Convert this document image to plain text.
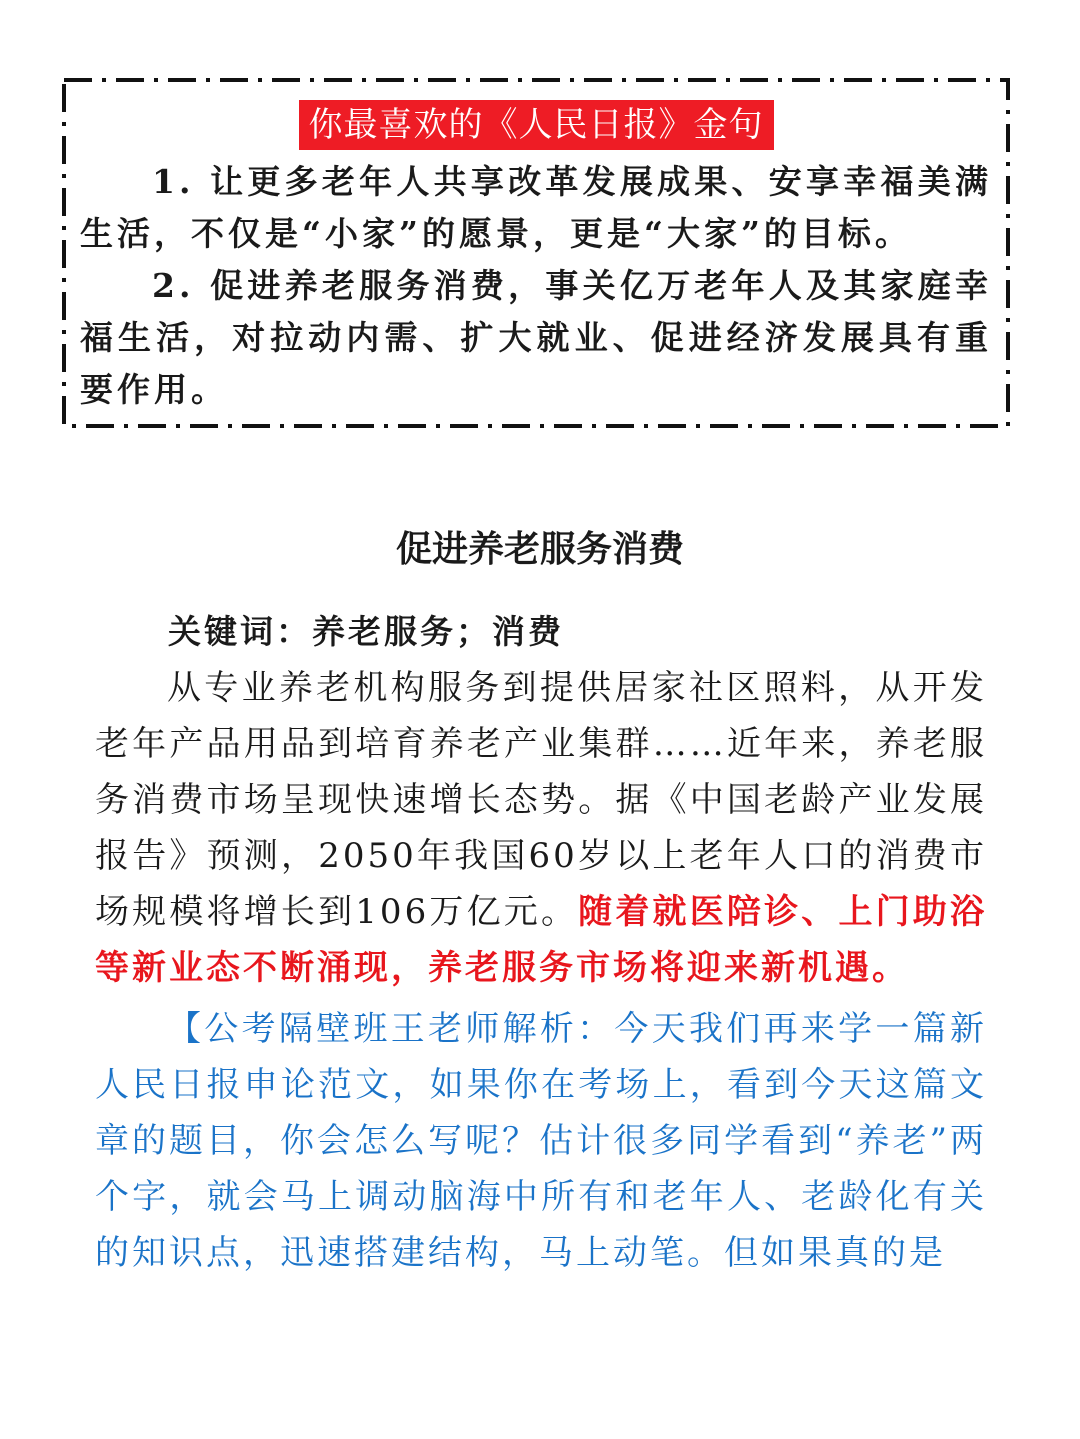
你最喜欢的《人民日报》金句
1. 让更多老年人共享改革发展成果、安享幸福美满生活，不仅是“小家”的愿景，更是“大家”的目标。
2. 促进养老服务消费，事关亿万老年人及其家庭幸福生活，对拉动内需、扩大就业、促进经济发展具有重要作用。
促进养老服务消费
关键词：养老服务；消费
从专业养老机构服务到提供居家社区照料，从开发老年产品用品到培育养老产业集群……近年来，养老服务消费市场呈现快速增长态势。据《中国老龄产业发展报告》预测，2050年我国60岁以上老年人口的消费市场规模将增长到106万亿元。随着就医陪诊、上门助浴等新业态不断涌现，养老服务市场将迎来新机遇。
【公考隔壁班王老师解析：今天我们再来学一篇新人民日报申论范文，如果你在考场上，看到今天这篇文章的题目，你会怎么写呢？估计很多同学看到“养老”两个字，就会马上调动脑海中所有和老年人、老龄化有关的知识点，迅速搭建结构，马上动笔。但如果真的是
